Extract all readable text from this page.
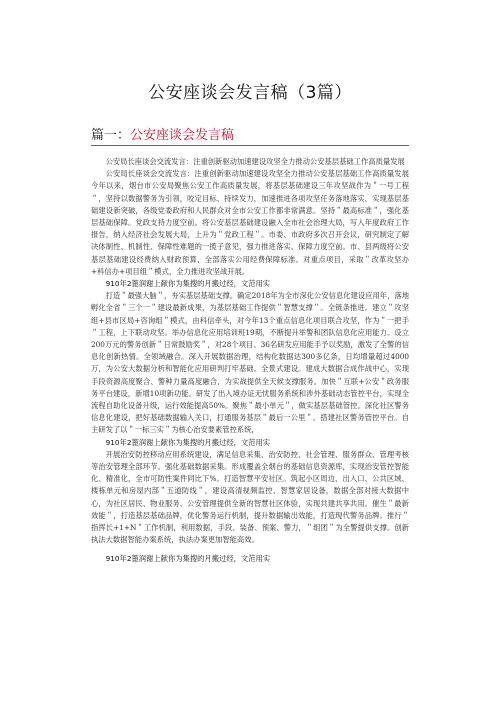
公安座谈会发言稿（3篇）
篇一：公安座谈会发言稿

公安局长座谈会交流发言：注重创新驱动加速建设攻坚全力推动公安基层基础工作高质量发展

公安局长座谈会交流发言：注重创新驱动加速建设攻坚全力推动公安基层基础工作高质量发展今年以来，烟台市公安局聚焦公安工作高质量发展，将基层基础建设三年攻坚战作为＂一号工程＂，坚持以数据警务为引领，咬定目标、持续发力，加速推进各项攻坚任务落地落实，实现基层基础建设新突破，各级党委政府和人民群众对全市公安工作都非常满意。坚持＂最高标准＂，强化基层基础保障。党政支持力度空前。将公安基层基础建设融入全市社会治理大局，写入年度政府工作报告，纳入经济社会发展大局，上升为＂党政工程＂。市委、市政府多次召开会议，研究制定了解决体制性、机制性、保障性难题的一揽子意见，强力推进落实。保障力度空前。市、县两级将公安基层基础建设经费纳入财政预算，全部落实公用经费保障标准。对重点项目，采取＂改革攻坚办+科信办+项目组＂模式，全力推进攻坚战开展。

910年2篦润谢上献你为集搜的月搬过经，文范用实

打造＂最强大脑＂，夯实基层基础支撑。确定2018年为全市深化公安信息化建设应用年，落地孵化全省＂三个一＂建设最新成果，为基层基础工作提供＂智慧支撑＂。全链条推进。建立＂攻坚组+县市区局+咨询组＂模式，由科信牵头，对今年13个重点信息化项目联合攻坚，作为＂一把手＂工程，上下联动攻坚。举办信息化应用培训班19期，不断提升举警和团队信息化应用能力。设立200万元的警务创新＂日常鼓励奖＂，对28个项目、36名研发应用能手予以奖励，激发了全警的信息化创新热情。全领域融合。深入开展数据治理，结构化数据达300多亿条，日均增量超过4000万，为公安大数据分析和智能化应用研判打牢基础。全景式建设。建成大数据合成作战中心，实现手段资源高度聚合、警种力量高度融合，为实战提供全天候支撑服务。加快＂互联+公安＂政务服务平台建设，新增10项新功能。研发了出入境办证无忧服务系统和涉外基础动态管控平台，实现全流程自助化设备升级，运行效能提高50%。聚焦＂最小单元＂，做实基层基础管控。深化社区警务信息化建设，把好基础数据输入关口，打通服务基层＂最后一公里＂。搭建社区警务管控平台。自主研发了以＂一标三实＂为核心治安要素管控系统，

910年2篦润谢上献你为集搜的月搬过经，文范用实

开展治安防控移动应用系统建设，满足信息采集、治安防控、社会管理、服务群众、管理考核等治安管理全部环节。强化基础数据采集。形成覆盖全烟台的基础信息资源库，实现治安管控智能化、精准化，全市可防性案件同比下%。打造智慧平安社区。筑起小区周边、出入口、公共区域、楼栋单元和房屋内部＂五道防线＂，建设高清视频监控、智慧家居设备，数据全部对接大数据中心，为社区居民、物业服务、公安管理提供全新的智慧社区体验，实现共建共享共用。催生＂最新效能＂，打造基层基础品牌，优化警务运行机制，提升数据输出效能，打造现代警务品牌。推行＂指挥长+1+N＂工作机制，利用数据，手段、装备、预案、警力，＂组团＂为全警提供支撑。创新执法大数据智能办案系统，执法办案更加智能高效。

910年2篦润谢上献你为集搜的月搬过经，文范用实
